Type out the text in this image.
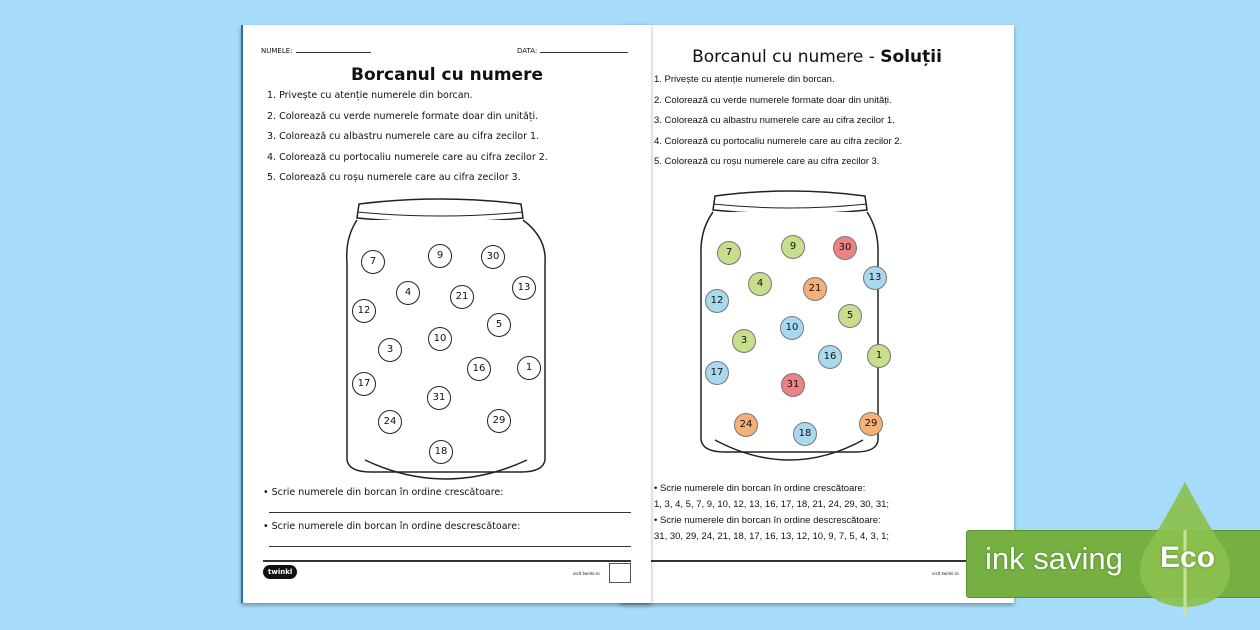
Borcanul cu numere - Soluții
1. Privește cu atenție numerele din borcan.
2. Colorează cu verde numerele formate doar din unități.
3. Colorează cu albastru numerele care au cifra zecilor 1.
4. Colorează cu portocaliu numerele care au cifra zecilor 2.
5. Colorează cu roșu numerele care au cifra zecilor 3.
7
9	30
13
4	21
12
5
10
3
16	1
17
31
24
18
29
• Scrie numerele din borcan în ordine crescătoare:
1, 3, 4, 5, 7, 9, 10, 12, 13, 16, 17, 18, 21, 24, 29, 30, 31;
• Scrie numerele din borcan în ordine descrescătoare:
31, 30, 29, 24, 21, 18, 17, 16, 13, 12, 10, 9, 7, 5, 4, 3, 1;
visit twinkl.ro
NUMELE:	DATA:
Borcanul cu numere
1. Privește cu atenție numerele din borcan.
2. Colorează cu verde numerele formate doar din unități.
3. Colorează cu albastru numerele care au cifra zecilor 1.
4. Colorează cu portocaliu numerele care au cifra zecilor 2.
5. Colorează cu roșu numerele care au cifra zecilor 3.
7
9	30
13
4	21
12
5
10
3
16	1
17
31
24	29
18
• Scrie numerele din borcan în ordine crescătoare:
• Scrie numerele din borcan în ordine descrescătoare:
twinkl	visit twinkl.ro	ink saving Eco
